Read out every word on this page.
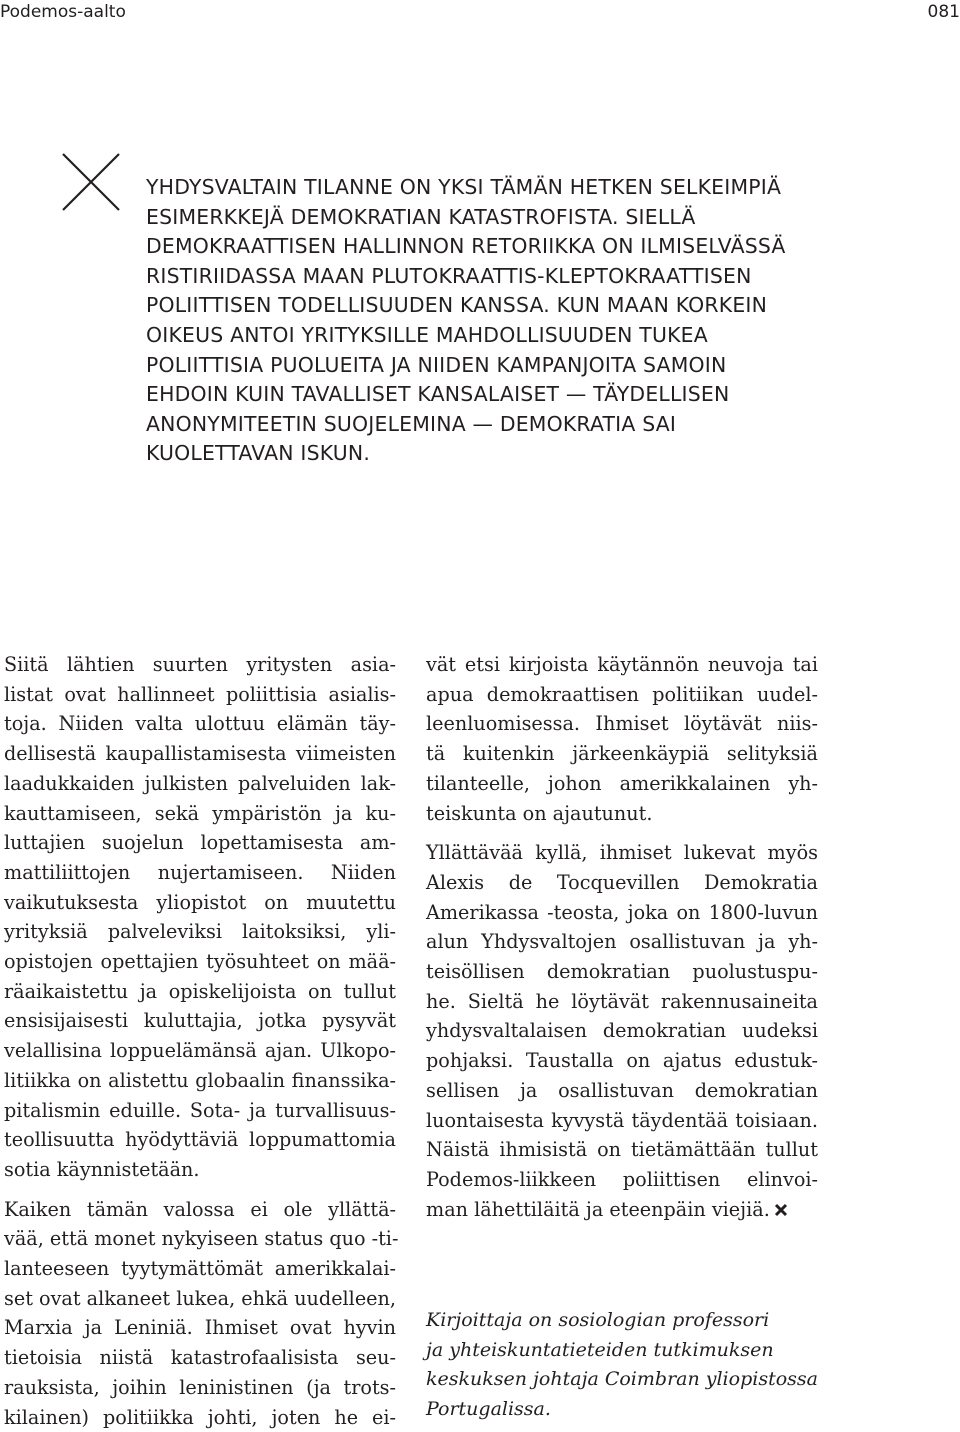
Podemos-aalto	081
YHDYSVALTAIN TILANNE ON YKSI TÄMÄN HETKEN SELKEIMPIÄ
ESIMERKKEJÄ DEMOKRATIAN KATASTROFISTA. SIELLÄ
DEMOKRAATTISEN HALLINNON RETORIIKKA ON ILMISELVÄSSÄ
RISTIRIIDASSA MAAN PLUTOKRAATTIS-KLEPTOKRAATTISEN
POLIITTISEN TODELLISUUDEN KANSSA. KUN MAAN KORKEIN
OIKEUS ANTOI YRITYKSILLE MAHDOLLISUUDEN TUKEA
POLIITTISIA PUOLUEITA JA NIIDEN KAMPANJOITA SAMOIN
EHDOIN KUIN TAVALLISET KANSALAISET — TÄYDELLISEN
ANONYMITEETIN SUOJELEMINA — DEMOKRATIA SAI
KUOLETTAVAN ISKUN.

Siitä lähtien suurten yritysten asia-
listat ovat hallinneet poliittisia asialis-
toja. Niiden valta ulottuu elämän täy-
dellisestä kaupallistamisesta viimeisten
laadukkaiden julkisten palveluiden lak-
kauttamiseen, sekä ympäristön ja ku-
luttajien suojelun lopettamisesta am-
mattiliittojen nujertamiseen. Niiden
vaikutuksesta yliopistot on muutettu
yrityksiä palveleviksi laitoksiksi, yli-
opistojen opettajien työsuhteet on mää-
räaikaistettu ja opiskelijoista on tullut
ensisijaisesti kuluttajia, jotka pysyvät
velallisina loppuelämänsä ajan. Ulkopo-
litiikka on alistettu globaalin finanssika-
pitalismin eduille. Sota- ja turvallisuus-
teollisuutta hyödyttäviä loppumattomia
sotia käynnistetään.

Kaiken tämän valossa ei ole yllättä-
vää, että monet nykyiseen status quo -ti-
lanteeseen tyytymättömät amerikkalai-
set ovat alkaneet lukea, ehkä uudelleen,
Marxia ja Leniniä. Ihmiset ovat hyvin
tietoisia niistä katastrofaalisista seu-
rauksista, joihin leninistinen (ja trots-
kilainen) politiikka johti, joten he ei-

vät etsi kirjoista käytännön neuvoja tai
apua demokraattisen politiikan uudel-
leenluomisessa. Ihmiset löytävät niis-
tä kuitenkin järkeenkäypiä selityksiä
tilanteelle, johon amerikkalainen yh-
teiskunta on ajautunut.

Yllättävää kyllä, ihmiset lukevat myös
Alexis de Tocquevillen Demokratia
Amerikassa -teosta, joka on 1800-luvun
alun Yhdysvaltojen osallistuvan ja yh-
teisöllisen demokratian puolustuspu-
he. Sieltä he löytävät rakennusaineita
yhdysvaltalaisen demokratian uudeksi
pohjaksi. Taustalla on ajatus edustuk-
sellisen ja osallistuvan demokratian
luontaisesta kyvystä täydentää toisiaan.
Näistä ihmisistä on tietämättään tullut
Podemos-liikkeen poliittisen elinvoi-
man lähettiläitä ja eteenpäin viejiä.

Kirjoittaja on sosiologian professori
ja yhteiskuntatieteiden tutkimuksen
keskuksen johtaja Coimbran yliopistossa
Portugalissa.
